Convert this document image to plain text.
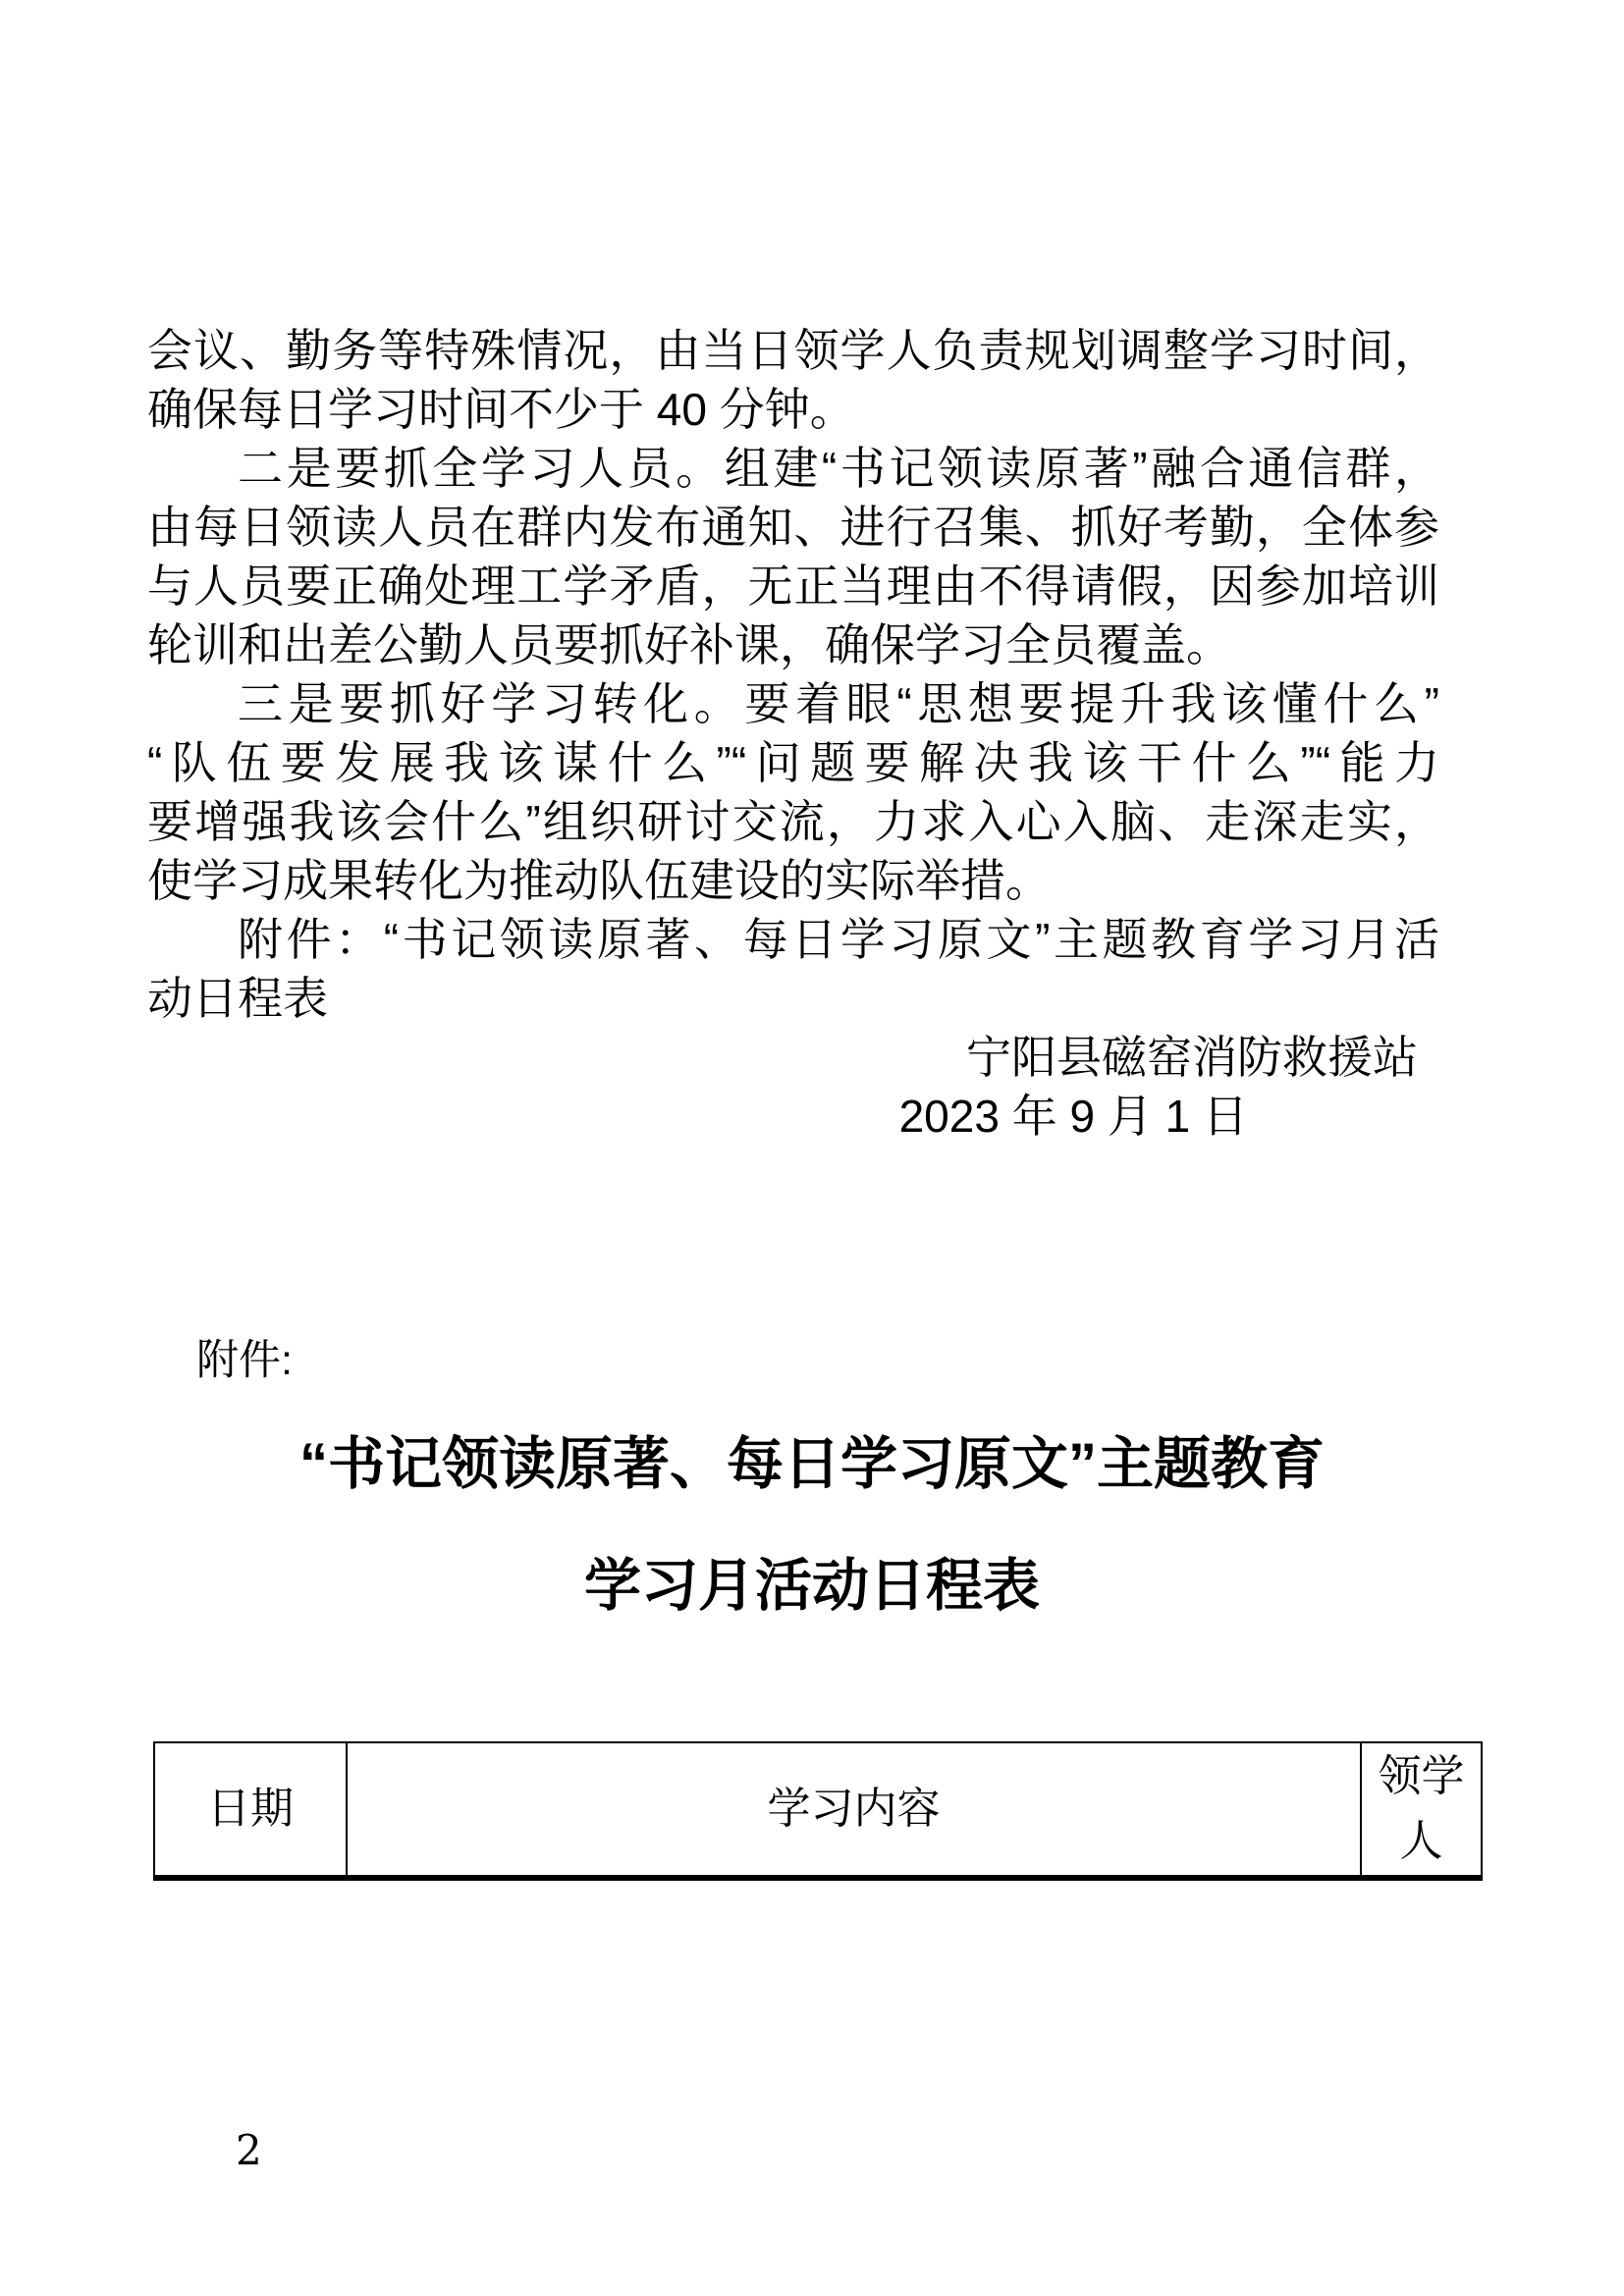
会议、勤务等特殊情况，由当日领学人负责规划调整学习时间，
确保每日学习时间不少于 40 分钟。
二是要抓全学习人员。组建“书记领读原著”融合通信群，
由每日领读人员在群内发布通知、进行召集、抓好考勤，全体参
与人员要正确处理工学矛盾，无正当理由不得请假，因参加培训
轮训和出差公勤人员要抓好补课，确保学习全员覆盖。
三是要抓好学习转化。要着眼“思想要提升我该懂什么”
“队伍要发展我该谋什么”“问题要解决我该干什么”“能力
要增强我该会什么”组织研讨交流，力求入心入脑、走深走实，
使学习成果转化为推动队伍建设的实际举措。
附件：“书记领读原著、每日学习原文”主题教育学习月活
动日程表
宁阳县磁窑消防救援站
2023 年 9 月 1 日
附件:
“书记领读原著、每日学习原文”主题教育
学习月活动日程表
日期	学习内容	领学人
2
